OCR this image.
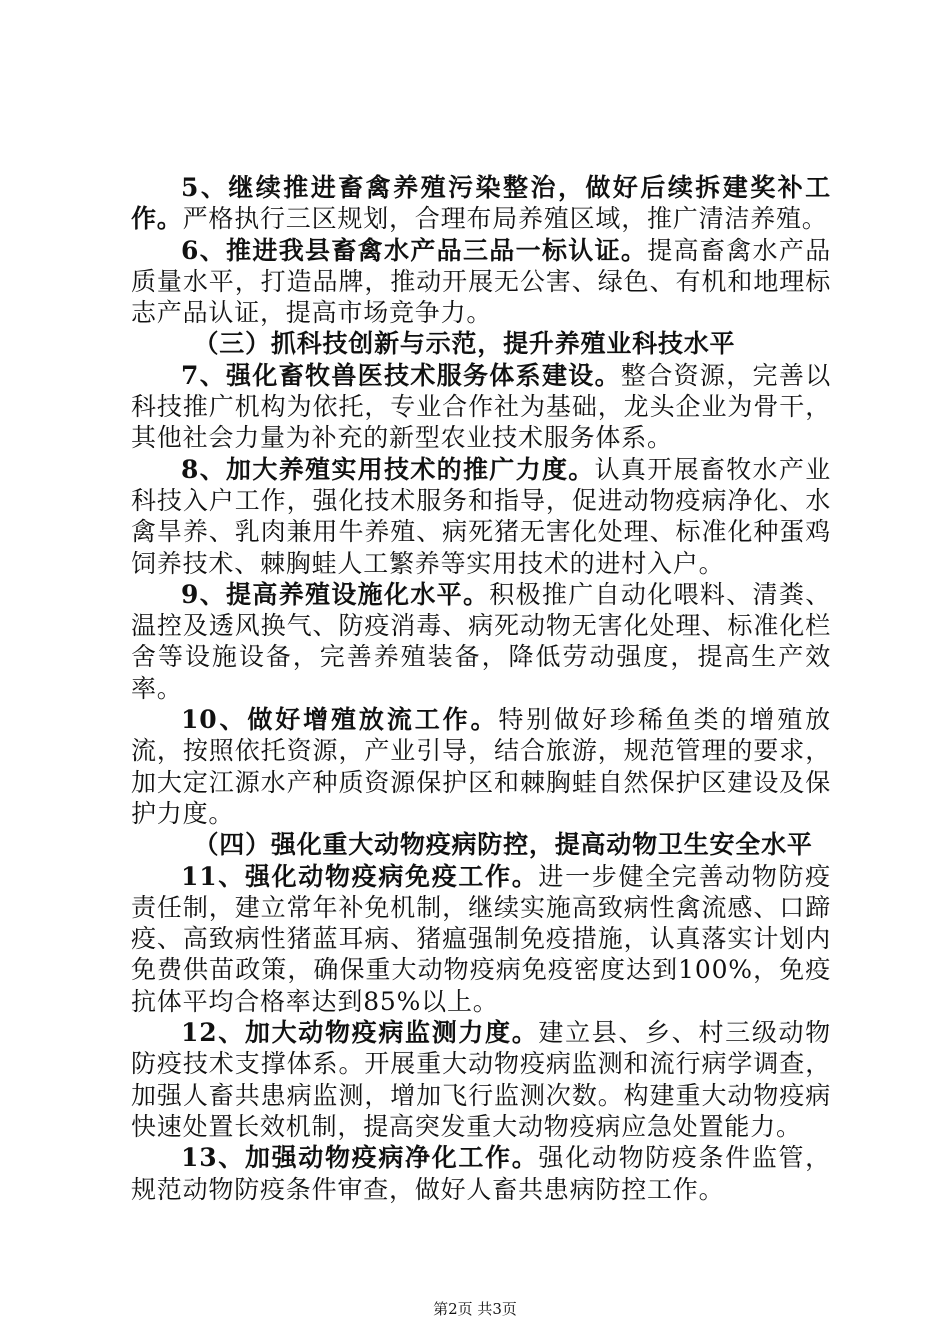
5、继续推进畜禽养殖污染整治，做好后续拆建奖补工作。严格执行三区规划，合理布局养殖区域，推广清洁养殖。

6、推进我县畜禽水产品三品一标认证。提高畜禽水产品质量水平，打造品牌，推动开展无公害、绿色、有机和地理标志产品认证，提高市场竞争力。

（三）抓科技创新与示范，提升养殖业科技水平

7、强化畜牧兽医技术服务体系建设。整合资源，完善以科技推广机构为依托，专业合作社为基础，龙头企业为骨干，其他社会力量为补充的新型农业技术服务体系。

8、加大养殖实用技术的推广力度。认真开展畜牧水产业科技入户工作，强化技术服务和指导，促进动物疫病净化、水禽旱养、乳肉兼用牛养殖、病死猪无害化处理、标准化种蛋鸡饲养技术、棘胸蛙人工繁养等实用技术的进村入户。

9、提高养殖设施化水平。积极推广自动化喂料、清粪、温控及透风换气、防疫消毒、病死动物无害化处理、标准化栏舍等设施设备，完善养殖装备，降低劳动强度，提高生产效率。

10、做好增殖放流工作。特别做好珍稀鱼类的增殖放流，按照依托资源，产业引导，结合旅游，规范管理的要求，加大定江源水产种质资源保护区和棘胸蛙自然保护区建设及保护力度。

（四）强化重大动物疫病防控，提高动物卫生安全水平

11、强化动物疫病免疫工作。进一步健全完善动物防疫责任制，建立常年补免机制，继续实施高致病性禽流感、口蹄疫、高致病性猪蓝耳病、猪瘟强制免疫措施，认真落实计划内免费供苗政策，确保重大动物疫病免疫密度达到100%，免疫抗体平均合格率达到85%以上。

12、加大动物疫病监测力度。建立县、乡、村三级动物防疫技术支撑体系。开展重大动物疫病监测和流行病学调查，加强人畜共患病监测，增加飞行监测次数。构建重大动物疫病快速处置长效机制，提高突发重大动物疫病应急处置能力。

13、加强动物疫病净化工作。强化动物防疫条件监管，规范动物防疫条件审查，做好人畜共患病防控工作。

第2页 共3页
